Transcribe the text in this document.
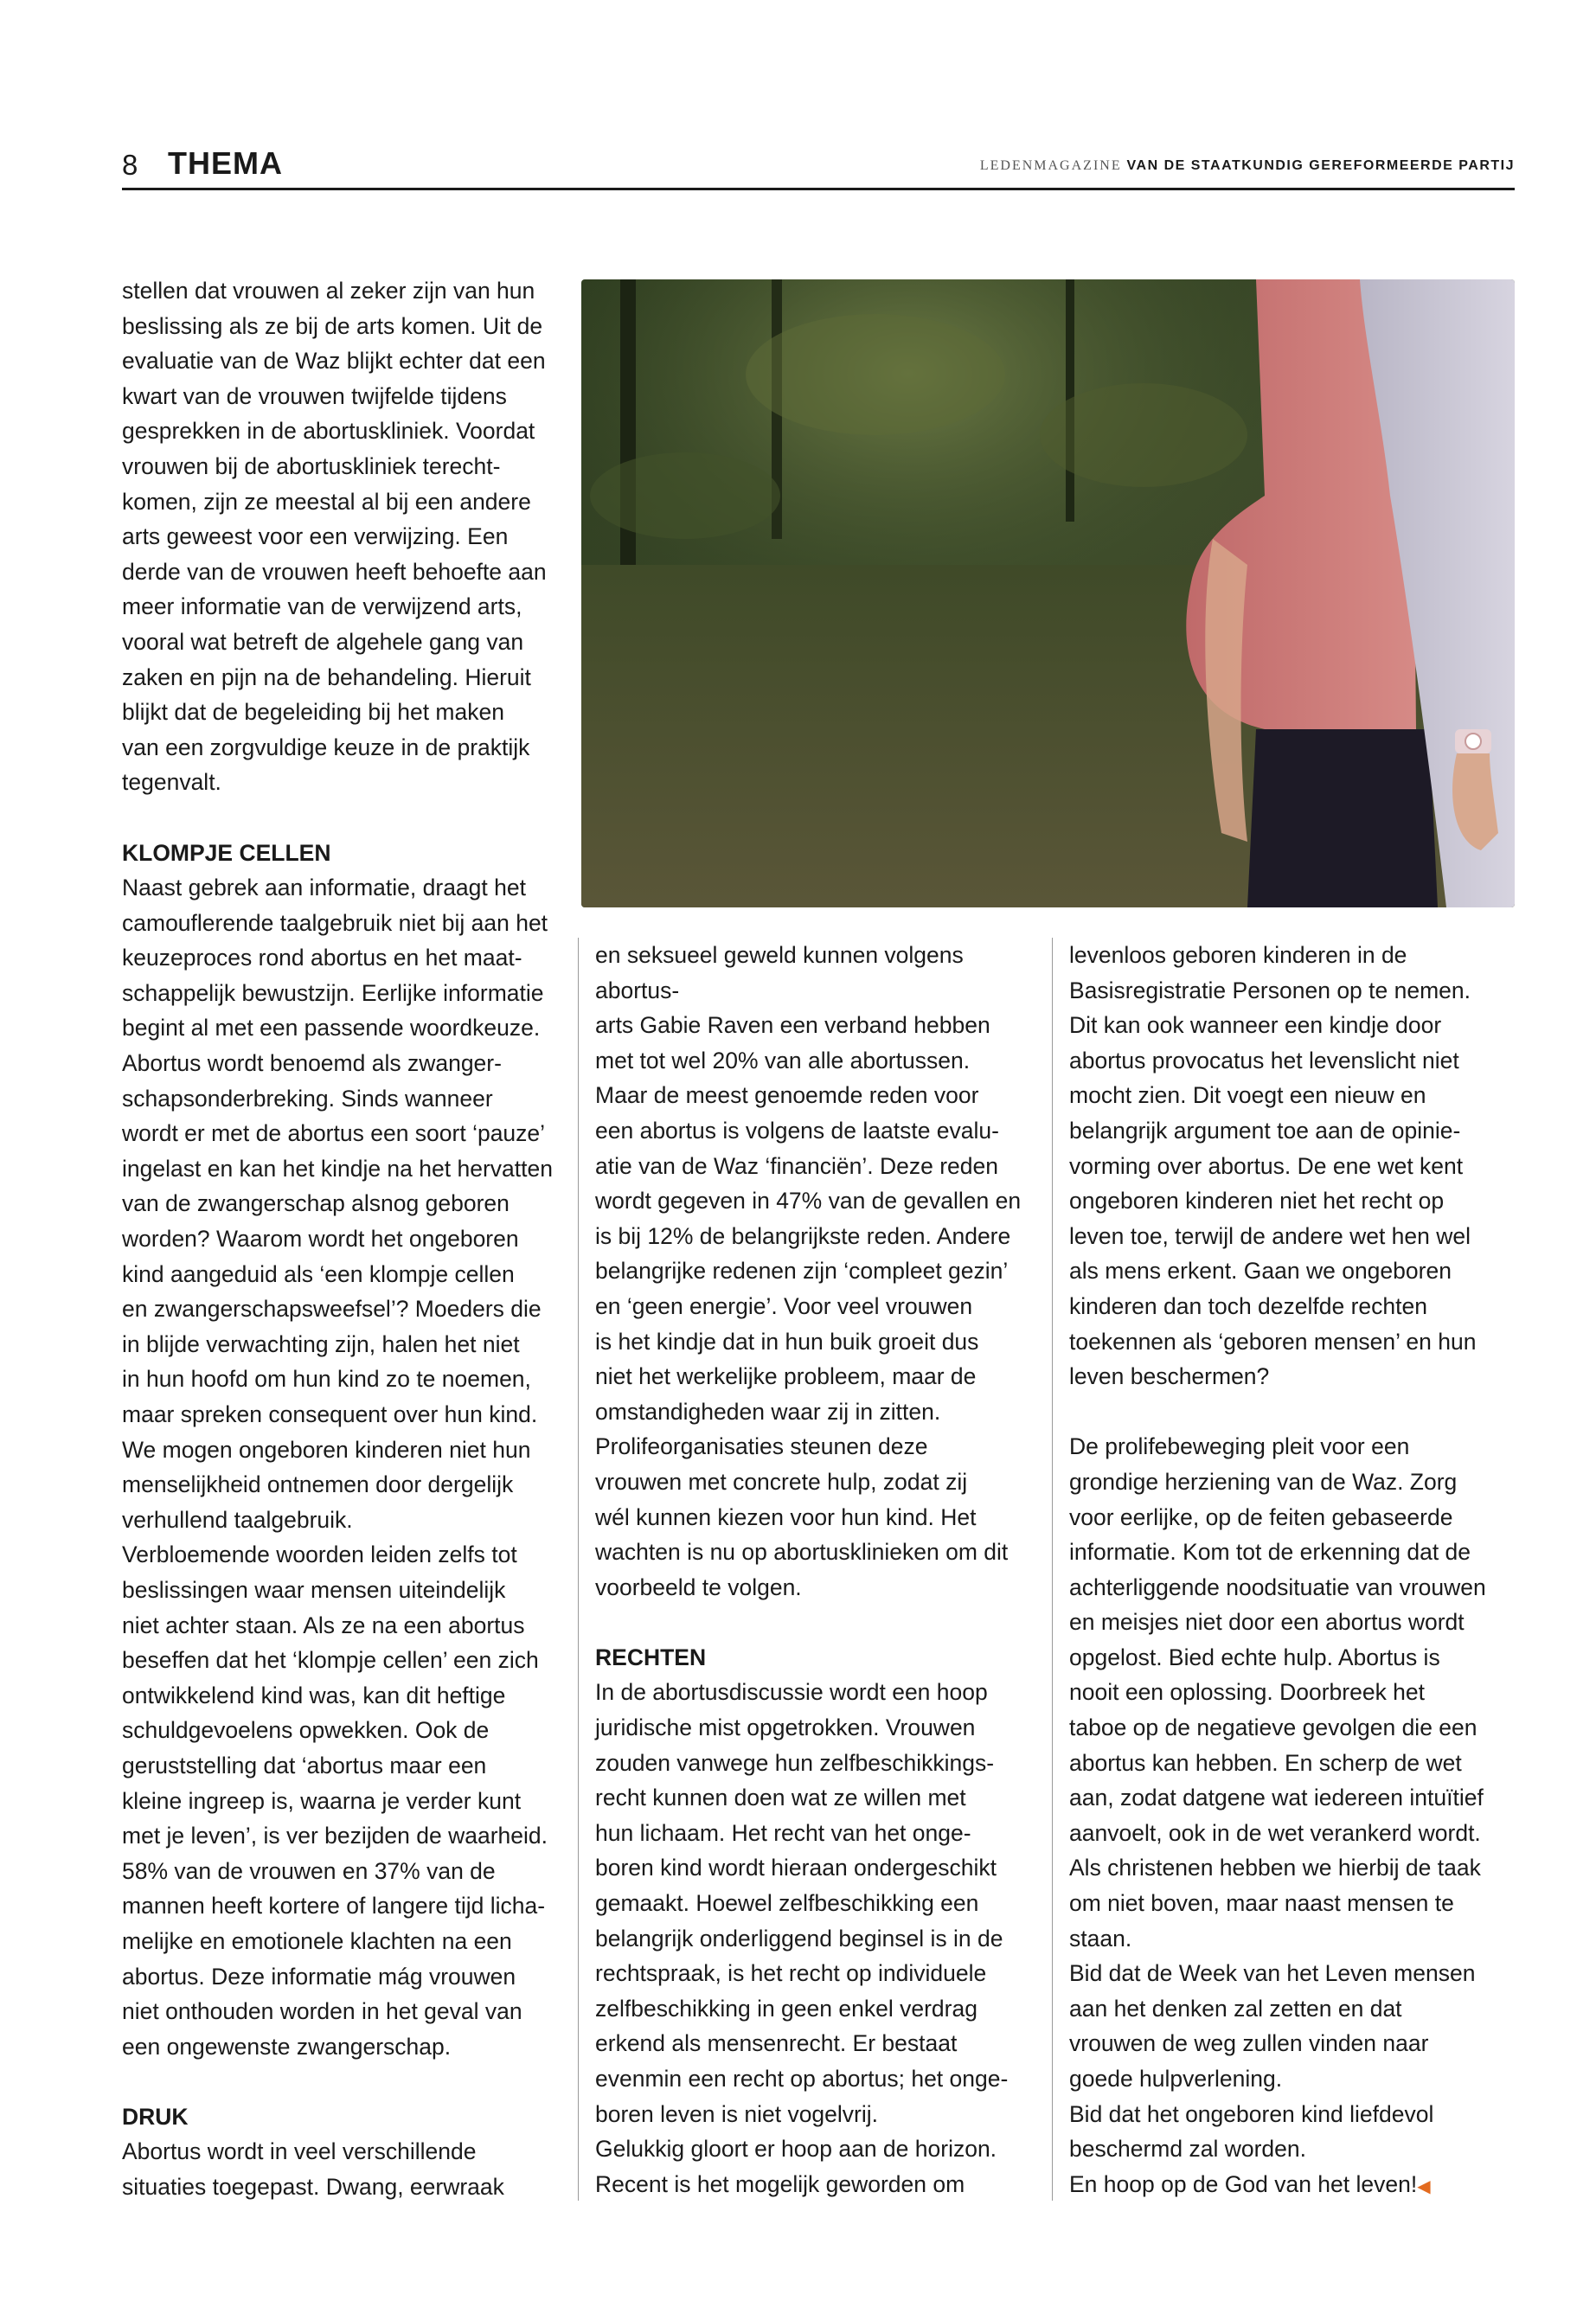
8 THEMA	LEDENMAGAZINE VAN DE STAATKUNDIG GEREFORMEERDE PARTIJ

stellen dat vrouwen al zeker zijn van hun
beslissing als ze bij de arts komen. Uit de
evaluatie van de Waz blijkt echter dat een
kwart van de vrouwen twijfelde tijdens
gesprekken in de abortuskliniek. Voordat
vrouwen bij de abortuskliniek terecht-
komen, zijn ze meestal al bij een andere
arts geweest voor een verwijzing. Een
derde van de vrouwen heeft behoefte aan
meer informatie van de verwijzend arts,
vooral wat betreft de algehele gang van
zaken en pijn na de behandeling. Hieruit
blijkt dat de begeleiding bij het maken
van een zorgvuldige keuze in de praktijk
tegenvalt.

KLOMPJE CELLEN

Naast gebrek aan informatie, draagt het
camouflerende taalgebruik niet bij aan het
keuzeproces rond abortus en het maat-
schappelijk bewustzijn. Eerlijke informatie
begint al met een passende woordkeuze.
Abortus wordt benoemd als zwanger-
schapsonderbreking. Sinds wanneer
wordt er met de abortus een soort ‘pauze’
ingelast en kan het kindje na het hervatten
van de zwangerschap alsnog geboren
worden? Waarom wordt het ongeboren
kind aangeduid als ‘een klompje cellen
en zwangerschapsweefsel’? Moeders die
in blijde verwachting zijn, halen het niet
in hun hoofd om hun kind zo te noemen,
maar spreken consequent over hun kind.
We mogen ongeboren kinderen niet hun
menselijkheid ontnemen door dergelijk
verhullend taalgebruik.

Verbloemende woorden leiden zelfs tot
beslissingen waar mensen uiteindelijk
niet achter staan. Als ze na een abortus
beseffen dat het ‘klompje cellen’ een zich
ontwikkelend kind was, kan dit heftige
schuldgevoelens opwekken. Ook de
geruststelling dat ‘abortus maar een
kleine ingreep is, waarna je verder kunt
met je leven’, is ver bezijden de waarheid.
58% van de vrouwen en 37% van de
mannen heeft kortere of langere tijd licha-
melijke en emotionele klachten na een
abortus. Deze informatie mág vrouwen
niet onthouden worden in het geval van
een ongewenste zwangerschap.

DRUK

Abortus wordt in veel verschillende
situaties toegepast. Dwang, eerwraak

en seksueel geweld kunnen volgens
abortus-
arts Gabie Raven een verband hebben
met tot wel 20% van alle abortussen.
Maar de meest genoemde reden voor
een abortus is volgens de laatste evalu-
atie van de Waz ‘financiën’. Deze reden
wordt gegeven in 47% van de gevallen en
is bij 12% de belangrijkste reden. Andere
belangrijke redenen zijn ‘compleet gezin’
en ‘geen energie’. Voor veel vrouwen
is het kindje dat in hun buik groeit dus
niet het werkelijke probleem, maar de
omstandigheden waar zij in zitten.
Prolifeorganisaties steunen deze
vrouwen met concrete hulp, zodat zij
wél kunnen kiezen voor hun kind. Het
wachten is nu op abortusklinieken om dit
voorbeeld te volgen.

RECHTEN

In de abortusdiscussie wordt een hoop
juridische mist opgetrokken. Vrouwen
zouden vanwege hun zelfbeschikkings-
recht kunnen doen wat ze willen met
hun lichaam. Het recht van het onge-
boren kind wordt hieraan ondergeschikt
gemaakt. Hoewel zelfbeschikking een
belangrijk onderliggend beginsel is in de
rechtspraak, is het recht op individuele
zelfbeschikking in geen enkel verdrag
erkend als mensenrecht. Er bestaat
evenmin een recht op abortus; het onge-
boren leven is niet vogelvrij.

Gelukkig gloort er hoop aan de horizon.
Recent is het mogelijk geworden om

levenloos geboren kinderen in de
Basisregistratie Personen op te nemen.
Dit kan ook wanneer een kindje door
abortus provocatus het levenslicht niet
mocht zien. Dit voegt een nieuw en
belangrijk argument toe aan de opinie-
vorming over abortus. De ene wet kent
ongeboren kinderen niet het recht op
leven toe, terwijl de andere wet hen wel
als mens erkent. Gaan we ongeboren
kinderen dan toch dezelfde rechten
toekennen als ‘geboren mensen’ en hun
leven beschermen?

De prolifebeweging pleit voor een
grondige herziening van de Waz. Zorg
voor eerlijke, op de feiten gebaseerde
informatie. Kom tot de erkenning dat de
achterliggende noodsituatie van vrouwen
en meisjes niet door een abortus wordt
opgelost. Bied echte hulp. Abortus is
nooit een oplossing. Doorbreek het
taboe op de negatieve gevolgen die een
abortus kan hebben. En scherp de wet
aan, zodat datgene wat iedereen intuïtief
aanvoelt, ook in de wet verankerd wordt.
Als christenen hebben we hierbij de taak
om niet boven, maar naast mensen te
staan.

Bid dat de Week van het Leven mensen
aan het denken zal zetten en dat
vrouwen de weg zullen vinden naar
goede hulpverlening.

Bid dat het ongeboren kind liefdevol
beschermd zal worden.

En hoop op de God van het leven!◀
